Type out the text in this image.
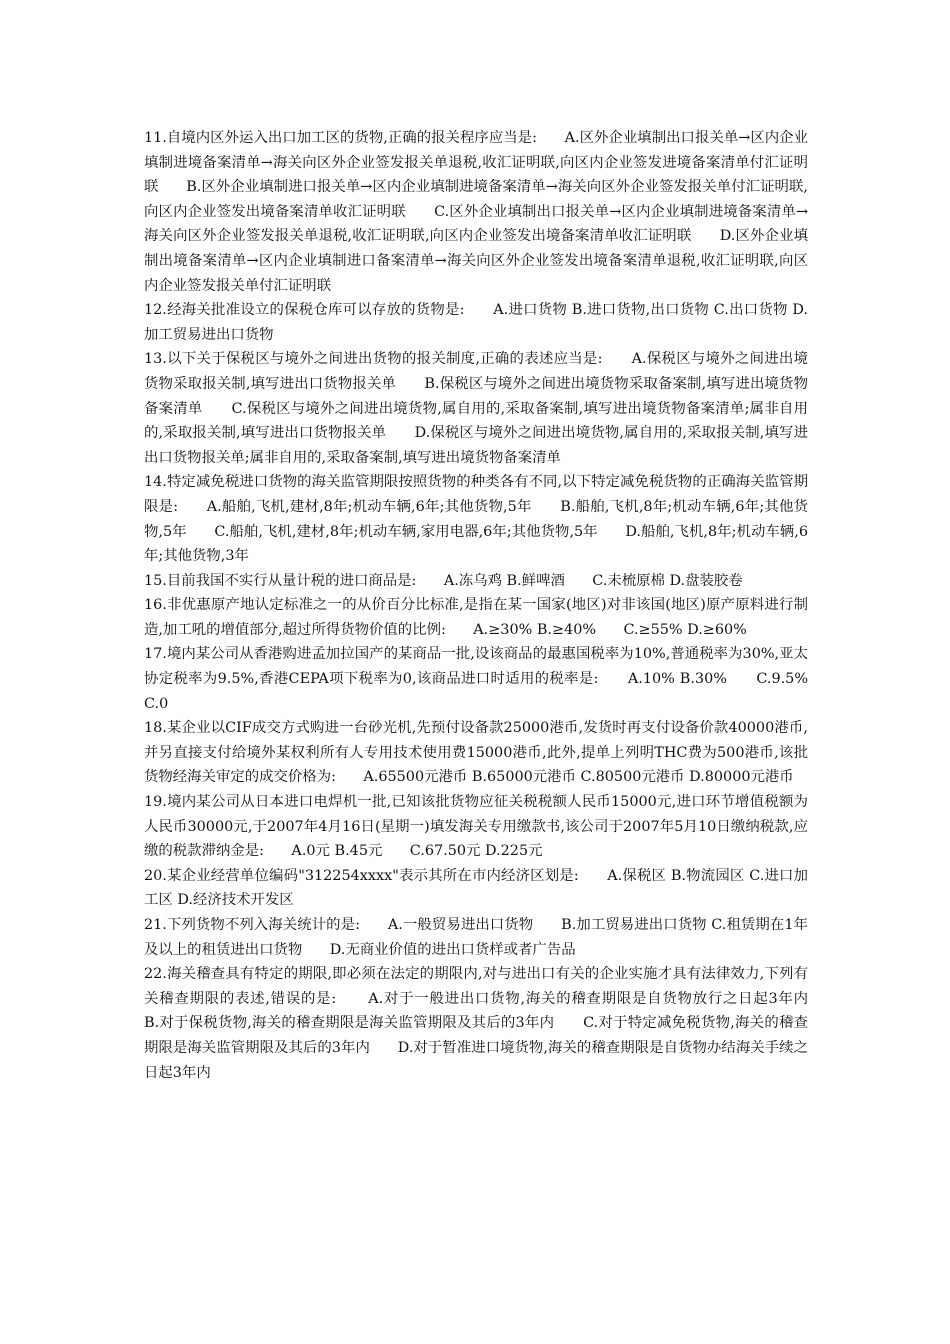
11.自境内区外运入出口加工区的货物,正确的报关程序应当是:      A.区外企业填制出口报关单→区内企业填制进境备案清单→海关向区外企业签发报关单退税,收汇证明联,向区内企业签发进境备案清单付汇证明联      B.区外企业填制进口报关单→区内企业填制进境备案清单→海关向区外企业签发报关单付汇证明联,向区内企业签发出境备案清单收汇证明联      C.区外企业填制出口报关单→区内企业填制进境备案清单→海关向区外企业签发报关单退税,收汇证明联,向区内企业签发出境备案清单收汇证明联      D.区外企业填制出境备案清单→区内企业填制进口备案清单→海关向区外企业签发出境备案清单退税,收汇证明联,向区内企业签发报关单付汇证明联

12.经海关批准设立的保税仓库可以存放的货物是:      A.进口货物 B.进口货物,出口货物 C.出口货物 D.加工贸易进出口货物

13.以下关于保税区与境外之间进出货物的报关制度,正确的表述应当是:      A.保税区与境外之间进出境货物采取报关制,填写进出口货物报关单      B.保税区与境外之间进出境货物采取备案制,填写进出境货物备案清单      C.保税区与境外之间进出境货物,属自用的,采取备案制,填写进出境货物备案清单;属非自用的,采取报关制,填写进出口货物报关单      D.保税区与境外之间进出境货物,属自用的,采取报关制,填写进出口货物报关单;属非自用的,采取备案制,填写进出境货物备案清单

14.特定减免税进口货物的海关监管期限按照货物的种类各有不同,以下特定减免税货物的正确海关监管期限是:      A.船舶,飞机,建材,8年;机动车辆,6年;其他货物,5年      B.船舶,飞机,8年;机动车辆,6年;其他货物,5年      C.船舶,飞机,建材,8年;机动车辆,家用电器,6年;其他货物,5年      D.船舶,飞机,8年;机动车辆,6年;其他货物,3年

15.目前我国不实行从量计税的进口商品是:      A.冻乌鸡 B.鲜啤酒      C.未梳原棉 D.盘装胶卷

16.非优惠原产地认定标准之一的从价百分比标准,是指在某一国家(地区)对非该国(地区)原产原料进行制造,加工吼的增值部分,超过所得货物价值的比例:      A.≥30% B.≥40%      C.≥55% D.≥60%

17.境内某公司从香港购进孟加拉国产的某商品一批,设该商品的最惠国税率为10%,普通税率为30%,亚太协定税率为9.5%,香港CEPA项下税率为0,该商品进口时适用的税率是:      A.10% B.30%      C.9.5% C.0

18.某企业以CIF成交方式购进一台砂光机,先预付设备款25000港币,发货时再支付设备价款40000港币,并另直接支付给境外某权利所有人专用技术使用费15000港币,此外,提单上列明THC费为500港币,该批货物经海关审定的成交价格为:      A.65500元港币 B.65000元港币 C.80500元港币 D.80000元港币

19.境内某公司从日本进口电焊机一批,已知该批货物应征关税税额人民币15000元,进口环节增值税额为人民币30000元,于2007年4月16日(星期一)填发海关专用缴款书,该公司于2007年5月10日缴纳税款,应缴的税款滞纳金是:      A.0元 B.45元      C.67.50元 D.225元

20.某企业经营单位编码"312254xxxx"表示其所在市内经济区划是:      A.保税区 B.物流园区 C.进口加工区 D.经济技术开发区

21.下列货物不列入海关统计的是:      A.一般贸易进出口货物      B.加工贸易进出口货物 C.租赁期在1年及以上的租赁进出口货物      D.无商业价值的进出口货样或者广告品

22.海关稽查具有特定的期限,即必须在法定的期限内,对与进出口有关的企业实施才具有法律效力,下列有关稽查期限的表述,错误的是:      A.对于一般进出口货物,海关的稽查期限是自货物放行之日起3年内      B.对于保税货物,海关的稽查期限是海关监管期限及其后的3年内      C.对于特定减免税货物,海关的稽查期限是海关监管期限及其后的3年内      D.对于暂准进口境货物,海关的稽查期限是自货物办结海关手续之日起3年内
